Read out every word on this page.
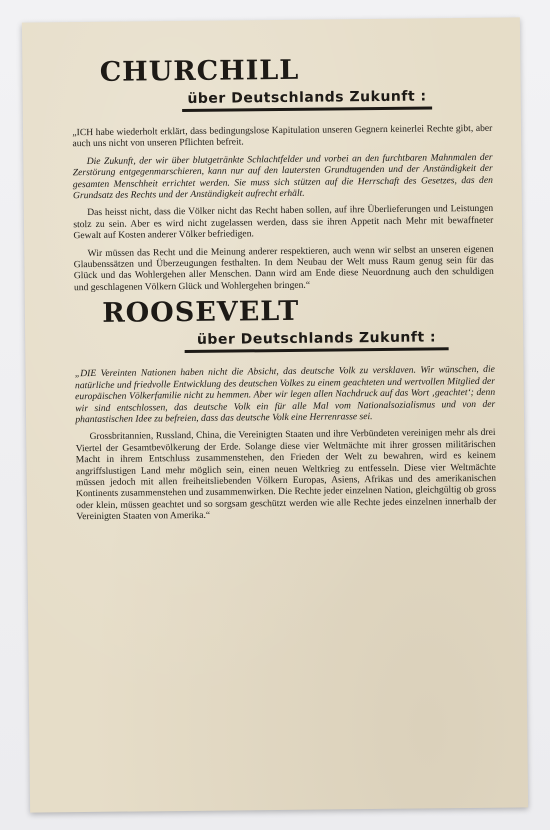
CHURCHILL
über Deutschlands Zukunft :
„ICH habe wiederholt erklärt, dass bedingungslose Kapitulation unseren Gegnern keinerlei Rechte gibt, aber auch uns nicht von unseren Pflichten befreit.
Die Zukunft, der wir über blutgetränkte Schlachtfelder und vorbei an den furchtbaren Mahnmalen der Zerstörung entgegenmarschieren, kann nur auf den lautersten Grundtugenden und der Anständigkeit der gesamten Menschheit errichtet werden. Sie muss sich stützen auf die Herrschaft des Gesetzes, das den Grundsatz des Rechts und der Anständigkeit aufrecht erhält.
Das heisst nicht, dass die Völker nicht das Recht haben sollen, auf ihre Überlieferungen und Leistungen stolz zu sein. Aber es wird nicht zugelassen werden, dass sie ihren Appetit nach Mehr mit bewaffneter Gewalt auf Kosten anderer Völker befriedigen.
Wir müssen das Recht und die Meinung anderer respektieren, auch wenn wir selbst an unseren eigenen Glaubenssätzen und Überzeugungen festhalten. In dem Neubau der Welt muss Raum genug sein für das Glück und das Wohlergehen aller Menschen. Dann wird am Ende diese Neuordnung auch den schuldigen und geschlagenen Völkern Glück und Wohlergehen bringen.“
ROOSEVELT
über Deutschlands Zukunft :
„DIE Vereinten Nationen haben nicht die Absicht, das deutsche Volk zu versklaven. Wir wünschen, die natürliche und friedvolle Entwicklung des deutschen Volkes zu einem geachteten und wertvollen Mitglied der europäischen Völkerfamilie nicht zu hemmen. Aber wir legen allen Nachdruck auf das Wort ‚geachtet‘; denn wir sind entschlossen, das deutsche Volk ein für alle Mal vom Nationalsozialismus und von der phantastischen Idee zu befreien, dass das deutsche Volk eine Herrenrasse sei.
Grossbritannien, Russland, China, die Vereinigten Staaten und ihre Verbündeten vereinigen mehr als drei Viertel der Gesamtbevölkerung der Erde. Solange diese vier Weltmächte mit ihrer grossen militärischen Macht in ihrem Entschluss zusammenstehen, den Frieden der Welt zu bewahren, wird es keinem angriffslustigen Land mehr möglich sein, einen neuen Weltkrieg zu entfesseln. Diese vier Weltmächte müssen jedoch mit allen freiheitsliebenden Völkern Europas, Asiens, Afrikas und des amerikanischen Kontinents zusammenstehen und zusammenwirken. Die Rechte jeder einzelnen Nation, gleichgültig ob gross oder klein, müssen geachtet und so sorgsam geschützt werden wie alle Rechte jedes einzelnen innerhalb der Vereinigten Staaten von Amerika.“
